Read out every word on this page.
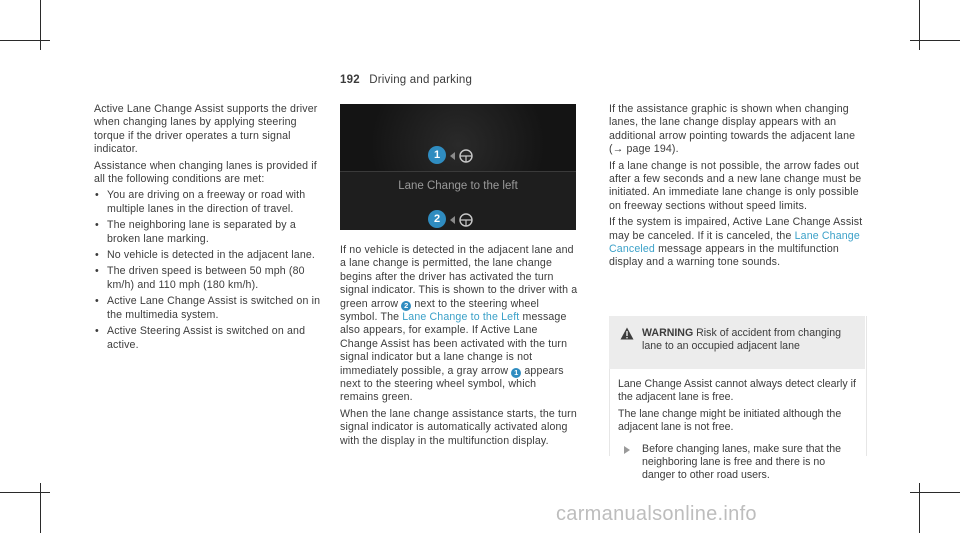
192 Driving and parking

Active Lane Change Assist supports the driver when changing lanes by applying steering torque if the driver operates a turn signal indicator.

Assistance when changing lanes is provided if all the following conditions are met:

• You are driving on a freeway or road with multiple lanes in the direction of travel.
• The neighboring lane is separated by a broken lane marking.
• No vehicle is detected in the adjacent lane.
• The driven speed is between 50 mph (80 km/h) and 110 mph (180 km/h).
• Active Lane Change Assist is switched on in the multimedia system.
• Active Steering Assist is switched on and active.
1
Lane Change to the left
2

If no vehicle is detected in the adjacent lane and a lane change is permitted, the lane change begins after the driver has activated the turn signal indicator. This is shown to the driver with a green arrow 2 next to the steering wheel symbol. The Lane Change to the Left message also appears, for example. If Active Lane Change Assist has been activated with the turn signal indicator but a lane change is not immediately possible, a gray arrow 1 appears next to the steering wheel symbol, which remains green.

When the lane change assistance starts, the turn signal indicator is automatically activated along with the display in the multifunction display.

If the assistance graphic is shown when changing lanes, the lane change display appears with an additional arrow pointing towards the adjacent lane (→ page 194).

If a lane change is not possible, the arrow fades out after a few seconds and a new lane change must be initiated. An immediate lane change is only possible on freeway sections without speed limits.

If the system is impaired, Active Lane Change Assist may be canceled. If it is canceled, the Lane Change Canceled message appears in the multifunction display and a warning tone sounds.

WARNING Risk of accident from changing lane to an occupied adjacent lane

Lane Change Assist cannot always detect clearly if the adjacent lane is free.

The lane change might be initiated although the adjacent lane is not free.

Before changing lanes, make sure that the neighboring lane is free and there is no danger to other road users.
carmanualsonline.info
